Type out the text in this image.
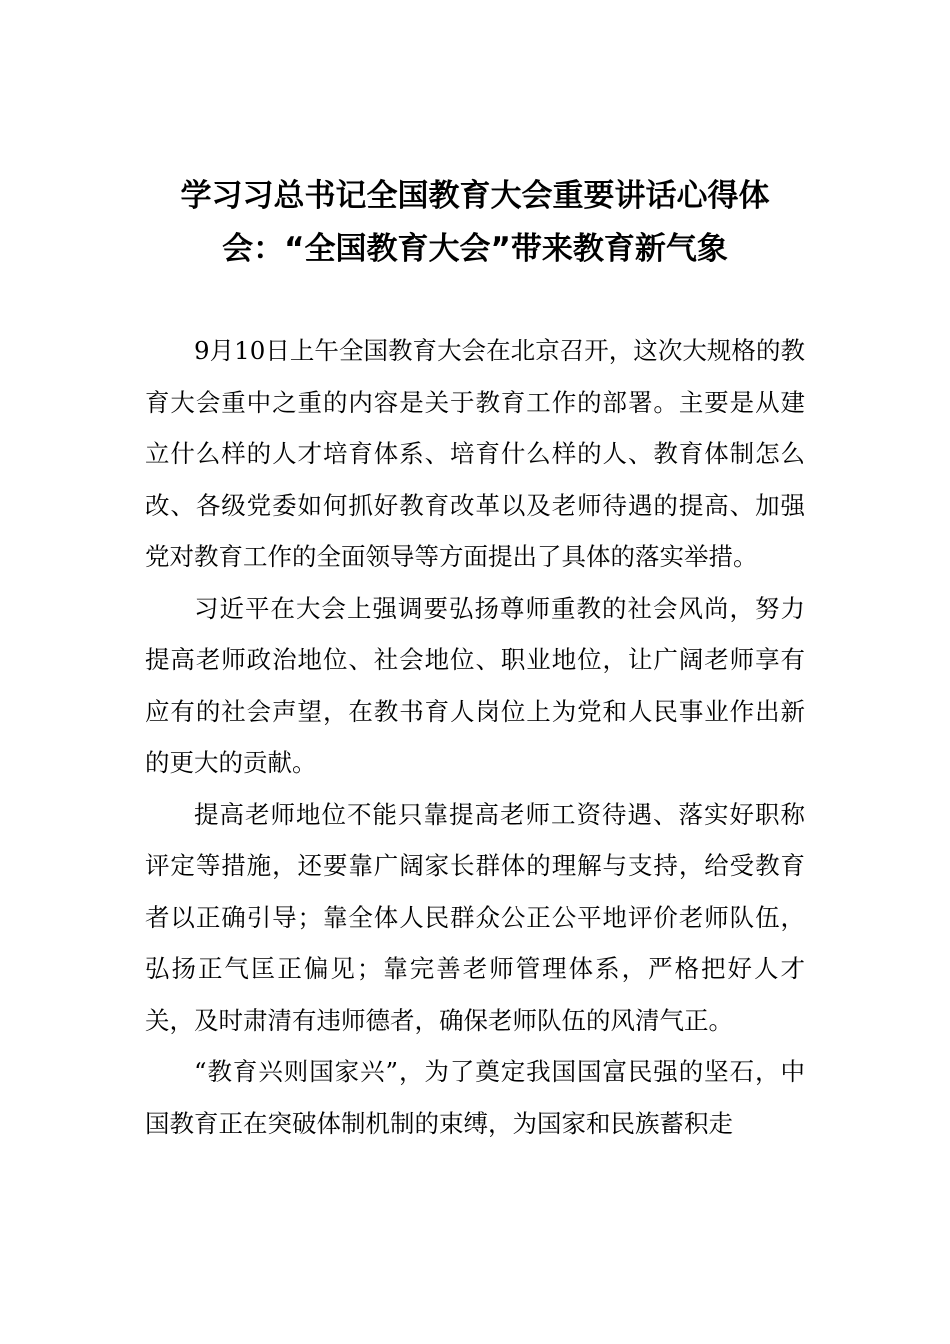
学习习总书记全国教育大会重要讲话心得体会：“全国教育大会”带来教育新气象

9月10日上午全国教育大会在北京召开，这次大规格的教育大会重中之重的内容是关于教育工作的部署。主要是从建立什么样的人才培育体系、培育什么样的人、教育体制怎么改、各级党委如何抓好教育改革以及老师待遇的提高、加强党对教育工作的全面领导等方面提出了具体的落实举措。

习近平在大会上强调要弘扬尊师重教的社会风尚，努力提高老师政治地位、社会地位、职业地位，让广阔老师享有应有的社会声望，在教书育人岗位上为党和人民事业作出新的更大的贡献。

提高老师地位不能只靠提高老师工资待遇、落实好职称评定等措施，还要靠广阔家长群体的理解与支持，给受教育者以正确引导；靠全体人民群众公正公平地评价老师队伍，弘扬正气匡正偏见；靠完善老师管理体系，严格把好人才关，及时肃清有违师德者，确保老师队伍的风清气正。

“教育兴则国家兴”，为了奠定我国国富民强的坚石，中国教育正在突破体制机制的束缚，为国家和民族蓄积走
